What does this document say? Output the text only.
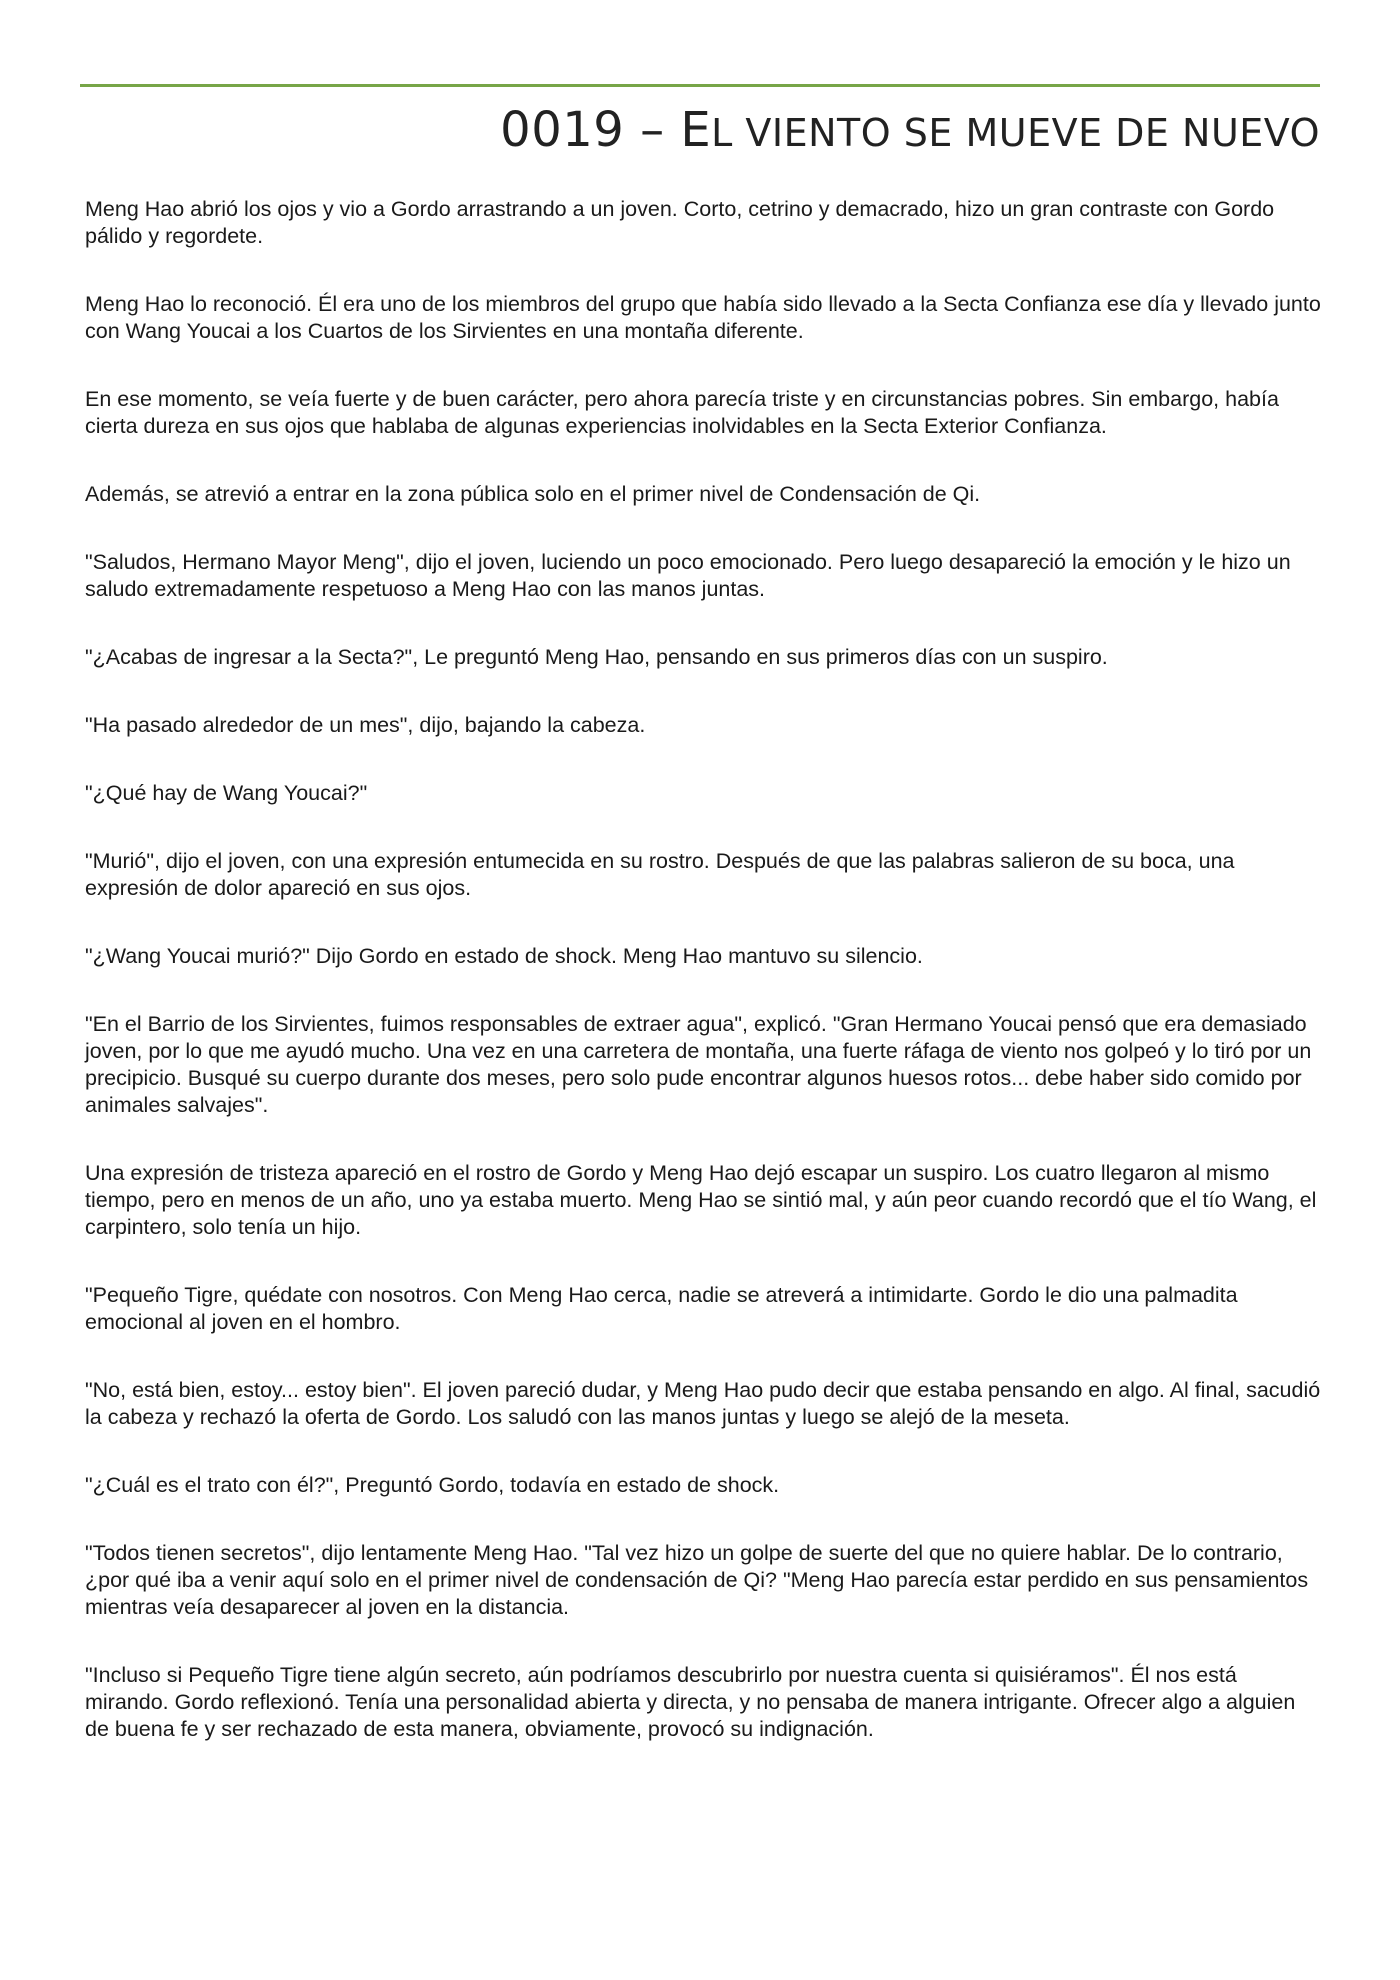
0019 – EL VIENTO SE MUEVE DE NUEVO

Meng Hao abrió los ojos y vio a Gordo arrastrando a un joven. Corto, cetrino y demacrado, hizo un gran contraste con Gordo pálido y regordete.

Meng Hao lo reconoció. Él era uno de los miembros del grupo que había sido llevado a la Secta Confianza ese día y llevado junto con Wang Youcai a los Cuartos de los Sirvientes en una montaña diferente.

En ese momento, se veía fuerte y de buen carácter, pero ahora parecía triste y en circunstancias pobres. Sin embargo, había cierta dureza en sus ojos que hablaba de algunas experiencias inolvidables en la Secta Exterior Confianza.

Además, se atrevió a entrar en la zona pública solo en el primer nivel de Condensación de Qi.

"Saludos, Hermano Mayor Meng", dijo el joven, luciendo un poco emocionado. Pero luego desapareció la emoción y le hizo un saludo extremadamente respetuoso a Meng Hao con las manos juntas.

"¿Acabas de ingresar a la Secta?", Le preguntó Meng Hao, pensando en sus primeros días con un suspiro.

"Ha pasado alrededor de un mes", dijo, bajando la cabeza.

"¿Qué hay de Wang Youcai?"

"Murió", dijo el joven, con una expresión entumecida en su rostro. Después de que las palabras salieron de su boca, una expresión de dolor apareció en sus ojos.

"¿Wang Youcai murió?" Dijo Gordo en estado de shock. Meng Hao mantuvo su silencio.

"En el Barrio de los Sirvientes, fuimos responsables de extraer agua", explicó. "Gran Hermano Youcai pensó que era demasiado joven, por lo que me ayudó mucho. Una vez en una carretera de montaña, una fuerte ráfaga de viento nos golpeó y lo tiró por un precipicio. Busqué su cuerpo durante dos meses, pero solo pude encontrar algunos huesos rotos... debe haber sido comido por animales salvajes".

Una expresión de tristeza apareció en el rostro de Gordo y Meng Hao dejó escapar un suspiro. Los cuatro llegaron al mismo tiempo, pero en menos de un año, uno ya estaba muerto. Meng Hao se sintió mal, y aún peor cuando recordó que el tío Wang, el carpintero, solo tenía un hijo.

"Pequeño Tigre, quédate con nosotros. Con Meng Hao cerca, nadie se atreverá a intimidarte. Gordo le dio una palmadita emocional al joven en el hombro.

"No, está bien, estoy... estoy bien". El joven pareció dudar, y Meng Hao pudo decir que estaba pensando en algo. Al final, sacudió la cabeza y rechazó la oferta de Gordo. Los saludó con las manos juntas y luego se alejó de la meseta.

"¿Cuál es el trato con él?", Preguntó Gordo, todavía en estado de shock.

"Todos tienen secretos", dijo lentamente Meng Hao. "Tal vez hizo un golpe de suerte del que no quiere hablar. De lo contrario, ¿por qué iba a venir aquí solo en el primer nivel de condensación de Qi? "Meng Hao parecía estar perdido en sus pensamientos mientras veía desaparecer al joven en la distancia.

"Incluso si Pequeño Tigre tiene algún secreto, aún podríamos descubrirlo por nuestra cuenta si quisiéramos". Él nos está mirando. Gordo reflexionó. Tenía una personalidad abierta y directa, y no pensaba de manera intrigante. Ofrecer algo a alguien de buena fe y ser rechazado de esta manera, obviamente, provocó su indignación.
